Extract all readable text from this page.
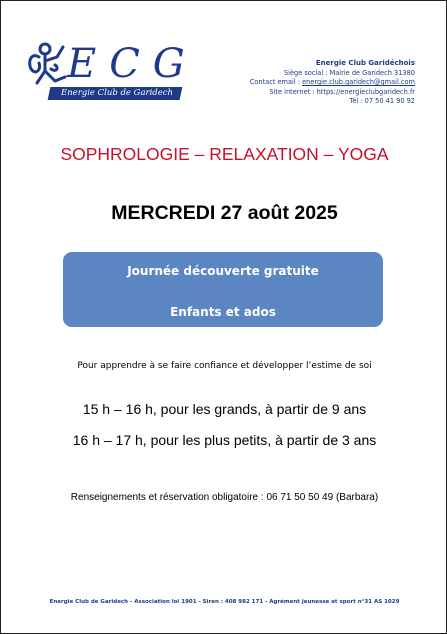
ECG
Energie Club de Garidech
Energie Club Garidéchois
Siège social : Mairie de Garidech 31380
Contact email : energie.club.garidech@gmail.com
Site internet : https://energieclubgaridech.fr
Tél : 07 50 41 90 92
SOPHROLOGIE – RELAXATION – YOGA
MERCREDI 27 août 2025
Journée découverte gratuite
Enfants et ados
Pour apprendre à se faire confiance et développer l’estime de soi
15 h – 16 h, pour les grands, à partir de 9 ans
16 h – 17 h, pour les plus petits, à partir de 3 ans
Renseignements et réservation obligatoire : 06 71 50 50 49 (Barbara)
Energie Club de Garidech - Association loi 1901 - Siren : 408 982 171 - Agrément jeunesse et sport n°31 AS 1029
